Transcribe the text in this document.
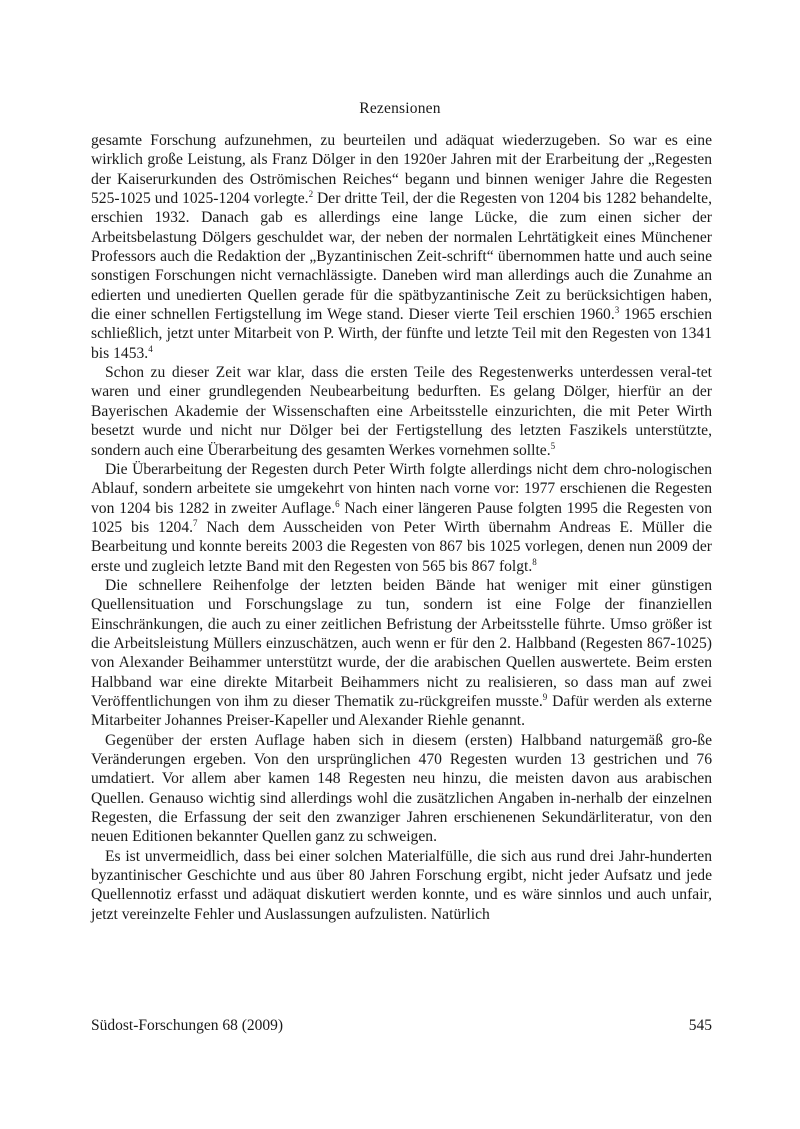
Rezensionen

gesamte Forschung aufzunehmen, zu beurteilen und adäquat wiederzugeben. So war es eine wirklich große Leistung, als Franz Dölger in den 1920er Jahren mit der Erarbeitung der „Regesten der Kaiserurkunden des Oströmischen Reiches“ begann und binnen weniger Jahre die Regesten 525-1025 und 1025-1204 vorlegte.$^2$ Der dritte Teil, der die Regesten von 1204 bis 1282 behandelte, erschien 1932. Danach gab es allerdings eine lange Lücke, die zum einen sicher der Arbeitsbelastung Dölgers geschuldet war, der neben der normalen Lehrtätigkeit eines Münchener Professors auch die Redaktion der „Byzantinischen Zeit-schrift“ übernommen hatte und auch seine sonstigen Forschungen nicht vernachlässigte. Daneben wird man allerdings auch die Zunahme an edierten und unedierten Quellen gerade für die spätbyzantinische Zeit zu berücksichtigen haben, die einer schnellen Fertigstellung im Wege stand. Dieser vierte Teil erschien 1960.$^3$ 1965 erschien schließlich, jetzt unter Mitarbeit von P. Wirth, der fünfte und letzte Teil mit den Regesten von 1341 bis 1453.$^4$

Schon zu dieser Zeit war klar, dass die ersten Teile des Regestenwerks unterdessen veral-tet waren und einer grundlegenden Neubearbeitung bedurften. Es gelang Dölger, hierfür an der Bayerischen Akademie der Wissenschaften eine Arbeitsstelle einzurichten, die mit Peter Wirth besetzt wurde und nicht nur Dölger bei der Fertigstellung des letzten Faszikels unterstützte, sondern auch eine Überarbeitung des gesamten Werkes vornehmen sollte.$^5$

Die Überarbeitung der Regesten durch Peter Wirth folgte allerdings nicht dem chro-nologischen Ablauf, sondern arbeitete sie umgekehrt von hinten nach vorne vor: 1977 erschienen die Regesten von 1204 bis 1282 in zweiter Auflage.$^6$ Nach einer längeren Pause folgten 1995 die Regesten von 1025 bis 1204.$^7$ Nach dem Ausscheiden von Peter Wirth übernahm Andreas E. Müller die Bearbeitung und konnte bereits 2003 die Regesten von 867 bis 1025 vorlegen, denen nun 2009 der erste und zugleich letzte Band mit den Regesten von 565 bis 867 folgt.$^8$

Die schnellere Reihenfolge der letzten beiden Bände hat weniger mit einer günstigen Quellensituation und Forschungslage zu tun, sondern ist eine Folge der finanziellen Einschränkungen, die auch zu einer zeitlichen Befristung der Arbeitsstelle führte. Umso größer ist die Arbeitsleistung Müllers einzuschätzen, auch wenn er für den 2. Halbband (Regesten 867-1025) von Alexander Beihammer unterstützt wurde, der die arabischen Quellen auswertete. Beim ersten Halbband war eine direkte Mitarbeit Beihammers nicht zu realisieren, so dass man auf zwei Veröffentlichungen von ihm zu dieser Thematik zu-rückgreifen musste.$^9$ Dafür werden als externe Mitarbeiter Johannes Preiser-Kapeller und Alexander Riehle genannt.

Gegenüber der ersten Auflage haben sich in diesem (ersten) Halbband naturgemäß gro-ße Veränderungen ergeben. Von den ursprünglichen 470 Regesten wurden 13 gestrichen und 76 umdatiert. Vor allem aber kamen 148 Regesten neu hinzu, die meisten davon aus arabischen Quellen. Genauso wichtig sind allerdings wohl die zusätzlichen Angaben in-nerhalb der einzelnen Regesten, die Erfassung der seit den zwanziger Jahren erschienenen Sekundärliteratur, von den neuen Editionen bekannter Quellen ganz zu schweigen.

Es ist unvermeidlich, dass bei einer solchen Materialfülle, die sich aus rund drei Jahr-hunderten byzantinischer Geschichte und aus über 80 Jahren Forschung ergibt, nicht jeder Aufsatz und jede Quellennotiz erfasst und adäquat diskutiert werden konnte, und es wäre sinnlos und auch unfair, jetzt vereinzelte Fehler und Auslassungen aufzulisten. Natürlich

Südost-Forschungen 68 (2009)	545
